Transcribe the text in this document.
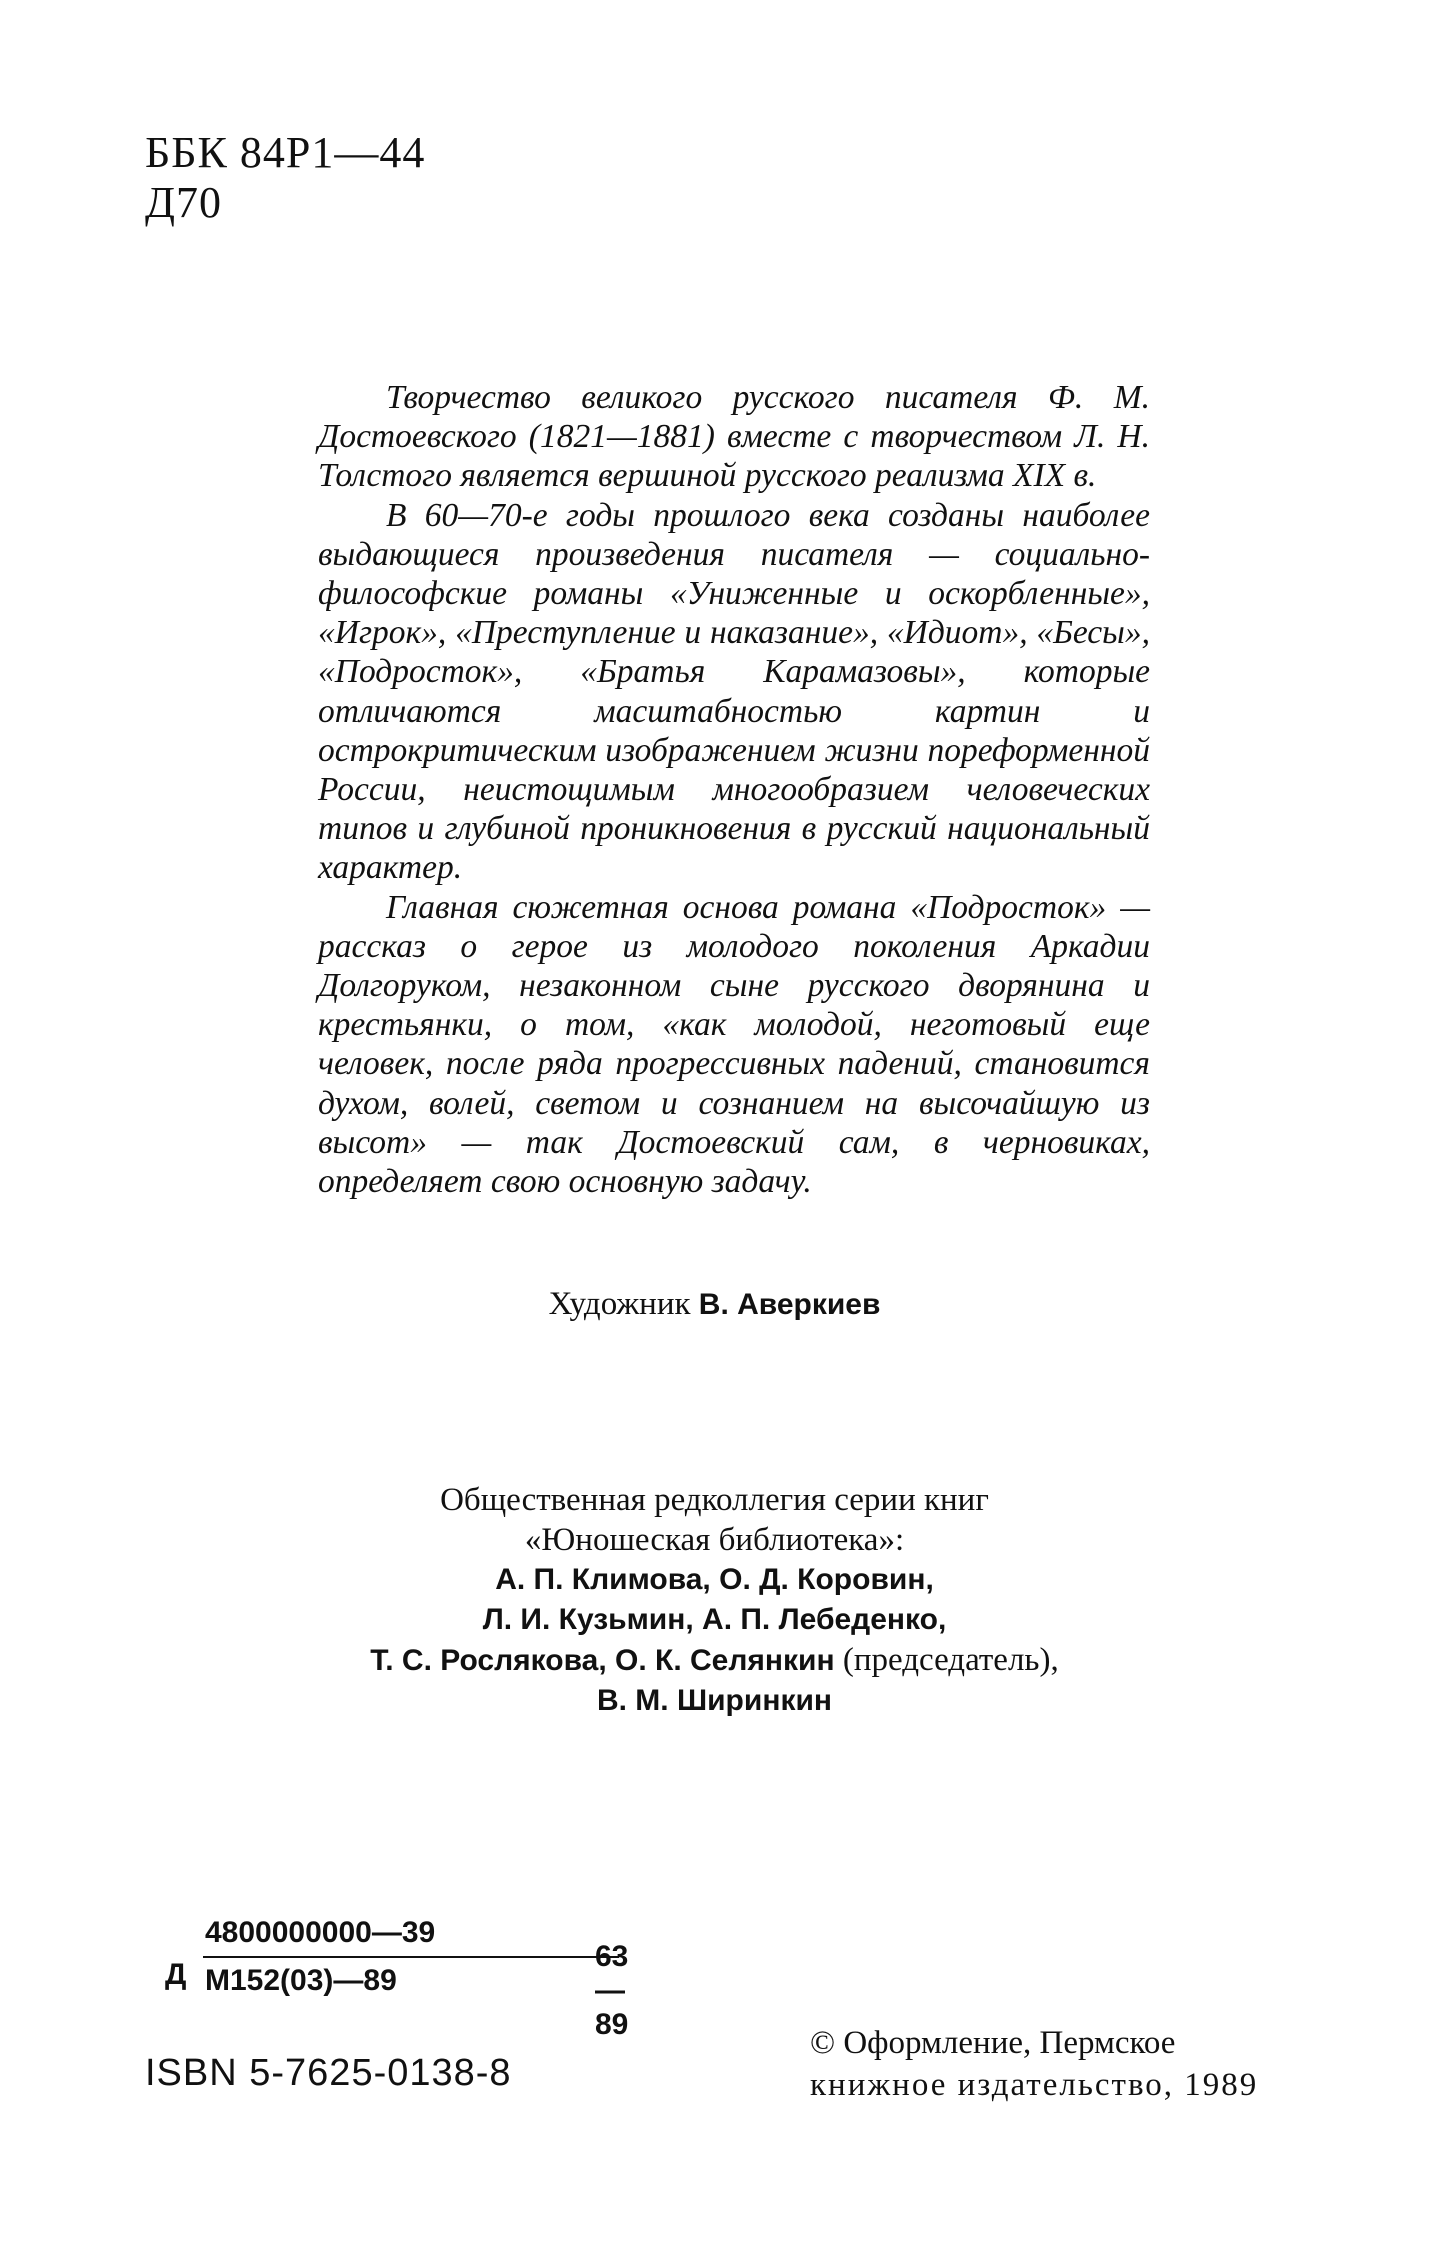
ББК 84Р1—44
Д70

Творчество великого русского писателя Ф. М. Достоевского (1821—1881) вместе с творчеством Л. Н. Толстого является вершиной русского реализма XIX в.

В 60—70-е годы прошлого века созданы наиболее выдающиеся произведения писателя — социально-философские романы «Униженные и оскорбленные», «Игрок», «Преступление и наказание», «Идиот», «Бесы», «Подросток», «Братья Карамазовы», которые отличаются масштабностью картин и острокритическим изображением жизни пореформенной России, неистощимым многообразием человеческих типов и глубиной проникновения в русский национальный характер.

Главная сюжетная основа романа «Подросток» — рассказ о герое из молодого поколения Аркадии Долгоруком, незаконном сыне русского дворянина и крестьянки, о том, «как молодой, неготовый еще человек, после ряда прогрессивных падений, становится духом, волей, светом и сознанием на высочайшую из высот» — так Достоевский сам, в черновиках, определяет свою основную задачу.

Художник В. Аверкиев
Общественная редколлегия серии книг
«Юношеская библиотека»:
А. П. Климова, О. Д. Коровин,
Л. И. Кузьмин, А. П. Лебеденко,
Т. С. Рослякова, О. К. Селянкин (председатель),
В. М. Ширинкин
Д
4800000000—39
М152(03)—89
63—89
ISBN 5-7625-0138-8
© Оформление, Пермское
книжное издательство, 1989
